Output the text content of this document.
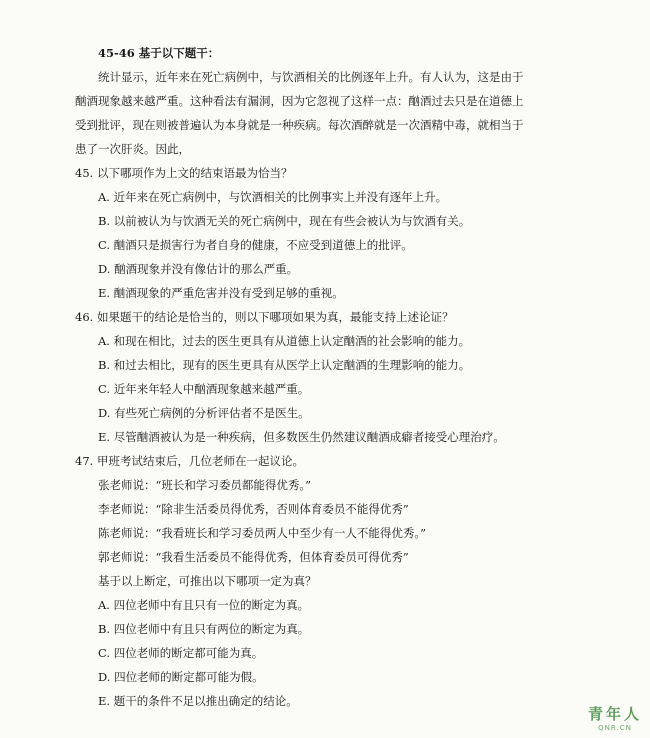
45-46 基于以下题干：
统计显示，近年来在死亡病例中，与饮酒相关的比例逐年上升。有人认为，这是由于
酗酒现象越来越严重。这种看法有漏洞，因为它忽视了这样一点：酗酒过去只是在道德上
受到批评，现在则被普遍认为本身就是一种疾病。每次酒醉就是一次酒精中毒，就相当于
患了一次肝炎。因此，
45. 以下哪项作为上文的结束语最为恰当？
A. 近年来在死亡病例中，与饮酒相关的比例事实上并没有逐年上升。
B. 以前被认为与饮酒无关的死亡病例中，现在有些会被认为与饮酒有关。
C. 酗酒只是损害行为者自身的健康，不应受到道德上的批评。
D. 酗酒现象并没有像估计的那么严重。
E. 酗酒现象的严重危害并没有受到足够的重视。
46. 如果题干的结论是恰当的，则以下哪项如果为真，最能支持上述论证？
A. 和现在相比，过去的医生更具有从道德上认定酗酒的社会影响的能力。
B. 和过去相比，现有的医生更具有从医学上认定酗酒的生理影响的能力。
C. 近年来年轻人中酗酒现象越来越严重。
D. 有些死亡病例的分析评估者不是医生。
E. 尽管酗酒被认为是一种疾病，但多数医生仍然建议酗酒成癖者接受心理治疗。
47. 甲班考试结束后，几位老师在一起议论。
张老师说：“班长和学习委员都能得优秀。”
李老师说：“除非生活委员得优秀，否则体育委员不能得优秀”
陈老师说：“我看班长和学习委员两人中至少有一人不能得优秀。”
郭老师说：“我看生活委员不能得优秀，但体育委员可得优秀”
基于以上断定，可推出以下哪项一定为真？
A. 四位老师中有且只有一位的断定为真。
B. 四位老师中有且只有两位的断定为真。
C. 四位老师的断定都可能为真。
D. 四位老师的断定都可能为假。
E. 题干的条件不足以推出确定的结论。
青年人
QNR.CN
